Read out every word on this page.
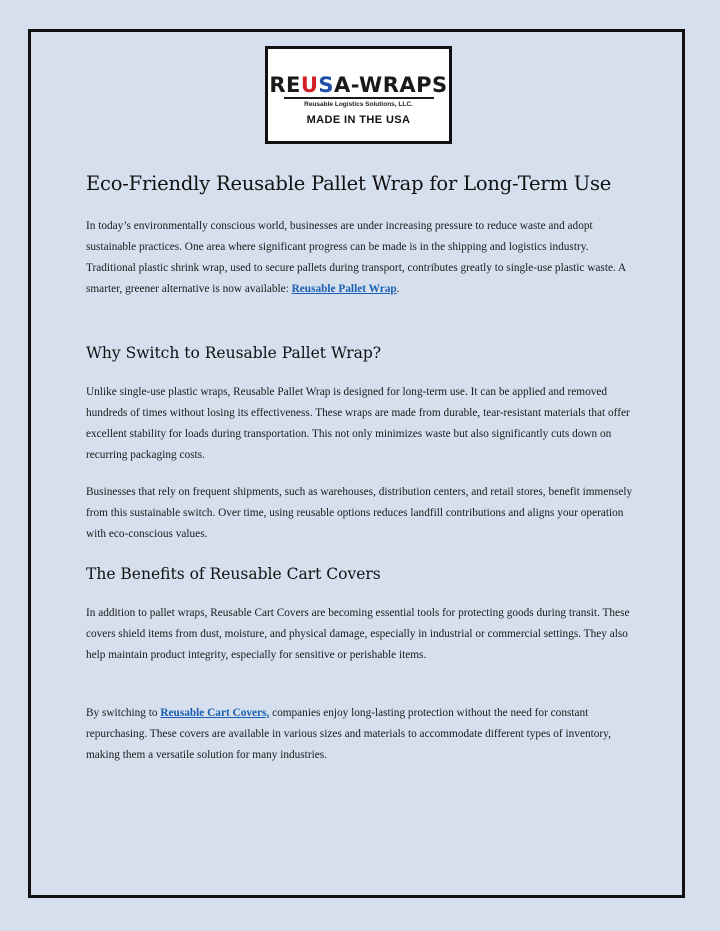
REUSA-WRAPS
Reusable Logistics Solutions, LLC.
MADE IN THE USA
Eco-Friendly Reusable Pallet Wrap for Long-Term Use

In today’s environmentally conscious world, businesses are under increasing pressure to reduce waste and adopt sustainable practices. One area where significant progress can be made is in the shipping and logistics industry. Traditional plastic shrink wrap, used to secure pallets during transport, contributes greatly to single-use plastic waste. A smarter, greener alternative is now available: Reusable Pallet Wrap.

Why Switch to Reusable Pallet Wrap?

Unlike single-use plastic wraps, Reusable Pallet Wrap is designed for long-term use. It can be applied and removed hundreds of times without losing its effectiveness. These wraps are made from durable, tear-resistant materials that offer excellent stability for loads during transportation. This not only minimizes waste but also significantly cuts down on recurring packaging costs.

Businesses that rely on frequent shipments, such as warehouses, distribution centers, and retail stores, benefit immensely from this sustainable switch. Over time, using reusable options reduces landfill contributions and aligns your operation with eco-conscious values.

The Benefits of Reusable Cart Covers

In addition to pallet wraps, Reusable Cart Covers are becoming essential tools for protecting goods during transit. These covers shield items from dust, moisture, and physical damage, especially in industrial or commercial settings. They also help maintain product integrity, especially for sensitive or perishable items.

By switching to Reusable Cart Covers, companies enjoy long-lasting protection without the need for constant repurchasing. These covers are available in various sizes and materials to accommodate different types of inventory, making them a versatile solution for many industries.
